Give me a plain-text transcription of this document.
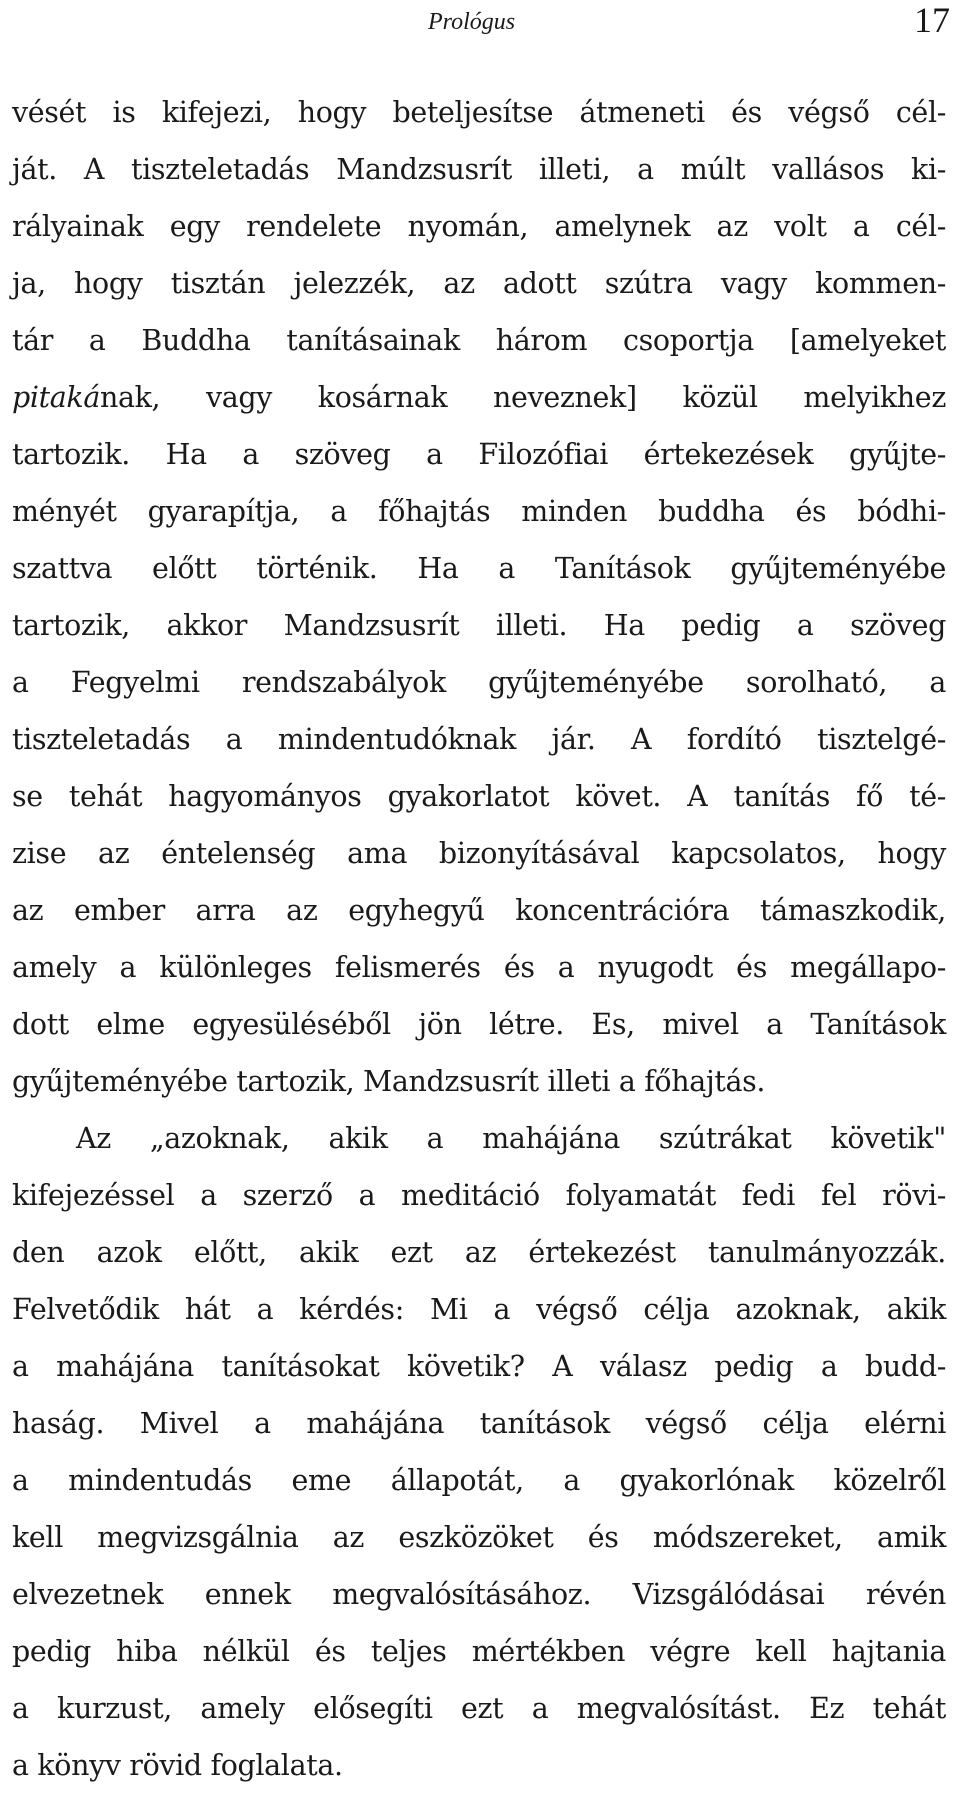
Prológus	17
vését is kifejezi, hogy beteljesítse átmeneti és végső cél-
ját. A tiszteletadás Mandzsusrít illeti, a múlt vallásos ki-
rályainak egy rendelete nyomán, amelynek az volt a cél-
ja, hogy tisztán jelezzék, az adott szútra vagy kommen-
tár a Buddha tanításainak három csoportja [amelyeket
pitakának, vagy kosárnak neveznek] közül melyikhez
tartozik. Ha a szöveg a Filozófiai értekezések gyűjte-
ményét gyarapítja, a főhajtás minden buddha és bódhi-
szattva előtt történik. Ha a Tanítások gyűjteményébe
tartozik, akkor Mandzsusrít illeti. Ha pedig a szöveg
a Fegyelmi rendszabályok gyűjteményébe sorolható, a
tiszteletadás a mindentudóknak jár. A fordító tisztelgé-
se tehát hagyományos gyakorlatot követ. A tanítás fő té-
zise az éntelenség ama bizonyításával kapcsolatos, hogy
az ember arra az egyhegyű koncentrációra támaszkodik,
amely a különleges felismerés és a nyugodt és megállapo-
dott elme egyesüléséből jön létre. Es, mivel a Tanítások
gyűjteményébe tartozik, Mandzsusrít illeti a főhajtás.
Az „azoknak, akik a mahájána szútrákat követik"
kifejezéssel a szerző a meditáció folyamatát fedi fel rövi-
den azok előtt, akik ezt az értekezést tanulmányozzák.
Felvetődik hát a kérdés: Mi a végső célja azoknak, akik
a mahájána tanításokat követik? A válasz pedig a budd-
haság. Mivel a mahájána tanítások végső célja elérni
a mindentudás eme állapotát, a gyakorlónak közelről
kell megvizsgálnia az eszközöket és módszereket, amik
elvezetnek ennek megvalósításához. Vizsgálódásai révén
pedig hiba nélkül és teljes mértékben végre kell hajtania
a kurzust, amely elősegíti ezt a megvalósítást. Ez tehát
a könyv rövid foglalata.
